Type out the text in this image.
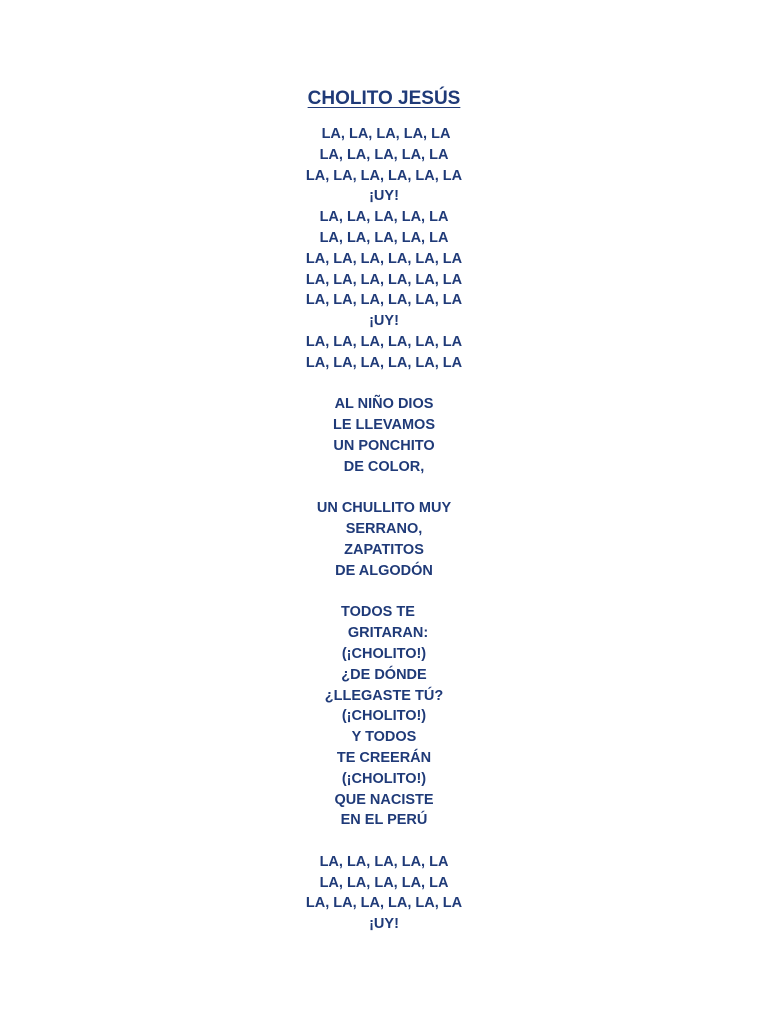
CHOLITO JESÚS
LA, LA, LA, LA, LA
LA, LA, LA, LA, LA
LA, LA, LA, LA, LA, LA
¡UY!
LA, LA, LA, LA, LA
LA, LA, LA, LA, LA
LA, LA, LA, LA, LA, LA
LA, LA, LA, LA, LA, LA
LA, LA, LA, LA, LA, LA
¡UY!
LA, LA, LA, LA, LA, LA
LA, LA, LA, LA, LA, LA
AL NIÑO DIOS
LE LLEVAMOS
UN PONCHITO
DE COLOR,
UN CHULLITO MUY
SERRANO,
ZAPATITOS
DE ALGODÓN
TODOS TE
GRITARAN:
(¡CHOLITO!)
¿DE DÓNDE
¿LLEGASTE TÚ?
(¡CHOLITO!)
Y TODOS
TE CREERÁN
(¡CHOLITO!)
QUE NACISTE
EN EL PERÚ
LA, LA, LA, LA, LA
LA, LA, LA, LA, LA
LA, LA, LA, LA, LA, LA
¡UY!
